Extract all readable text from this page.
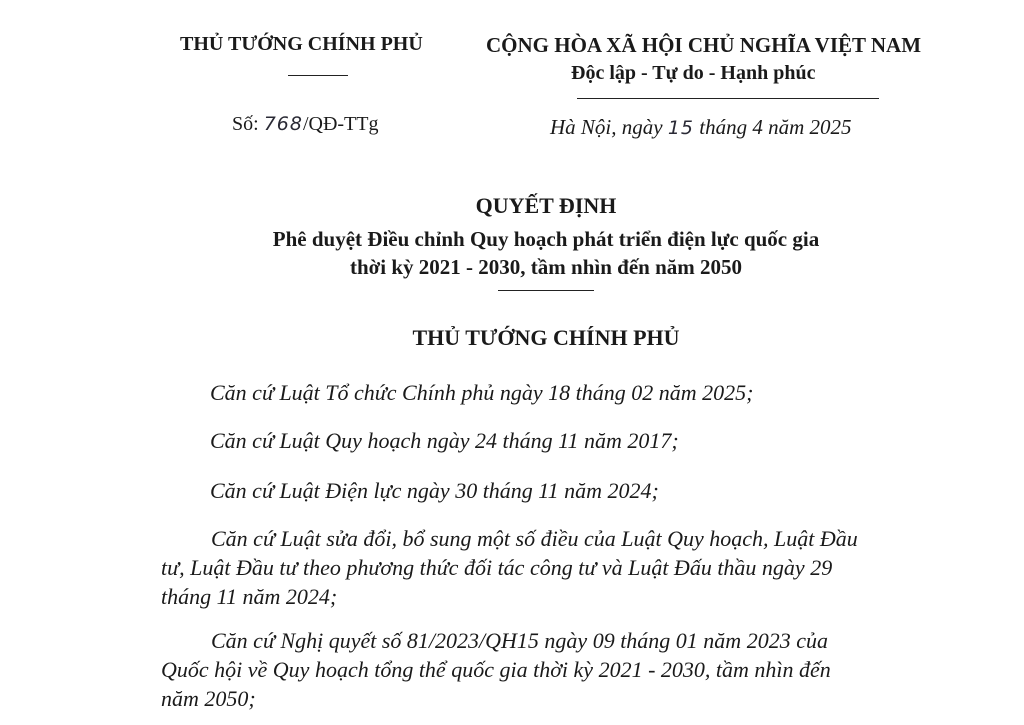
THỦ TƯỚNG CHÍNH PHỦ	CỘNG HÒA XÃ HỘI CHỦ NGHĨA VIỆT NAM
Độc lập - Tự do - Hạnh phúc
Số: 768/QĐ-TTg	Hà Nội, ngày 15 tháng 4 năm 2025
QUYẾT ĐỊNH
Phê duyệt Điều chỉnh Quy hoạch phát triển điện lực quốc gia
thời kỳ 2021 - 2030, tầm nhìn đến năm 2050
THỦ TƯỚNG CHÍNH PHỦ
Căn cứ Luật Tổ chức Chính phủ ngày 18 tháng 02 năm 2025;
Căn cứ Luật Quy hoạch ngày 24 tháng 11 năm 2017;
Căn cứ Luật Điện lực ngày 30 tháng 11 năm 2024;
Căn cứ Luật sửa đổi, bổ sung một số điều của Luật Quy hoạch, Luật Đầu
tư, Luật Đầu tư theo phương thức đối tác công tư và Luật Đấu thầu ngày 29
tháng 11 năm 2024;
Căn cứ Nghị quyết số 81/2023/QH15 ngày 09 tháng 01 năm 2023 của
Quốc hội về Quy hoạch tổng thể quốc gia thời kỳ 2021 - 2030, tầm nhìn đến
năm 2050;
